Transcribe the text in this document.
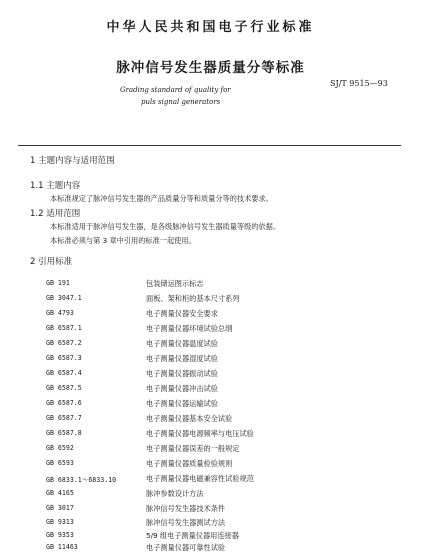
中华人民共和国电子行业标准
脉冲信号发生器质量分等标准
SJ/T 9515—93
Grading standard of quality for
puls signal generators
1 主题内容与适用范围
1.1 主题内容
本标准规定了脉冲信号发生器的产品质量分等和质量分等的技术要求。
1.2 适用范围
本标准适用于脉冲信号发生器，是各级脉冲信号发生器质量等级的依据。
本标准必须与第 3 章中引用的标准一起使用。
2 引用标准
GB 191	包装储运图示标志
GB 3047.1	面板、架和柜的基本尺寸系列
GB 4793	电子测量仪器安全要求
GB 6587.1	电子测量仪器环境试验总纲
GB 6587.2	电子测量仪器温度试验
GB 6587.3	电子测量仪器湿度试验
GB 6587.4	电子测量仪器振动试验
GB 6587.5	电子测量仪器冲击试验
GB 6587.6	电子测量仪器运输试验
GB 6587.7	电子测量仪器基本安全试验
GB 6587.8	电子测量仪器电源频率与电压试验
GB 6592	电子测量仪器误差的一般规定
GB 6593	电子测量仪器质量检验规则
GB 6833.1～6833.10	电子测量仪器电磁兼容性试验规范
GB 4165	脉冲参数设计方法
GB 3017	脉冲信号发生器技术条件
GB 9313	脉冲信号发生器测试方法
GB 9353	5/9 组电子测量仪器用连接器
GB 11463	电子测量仪器可靠性试验
